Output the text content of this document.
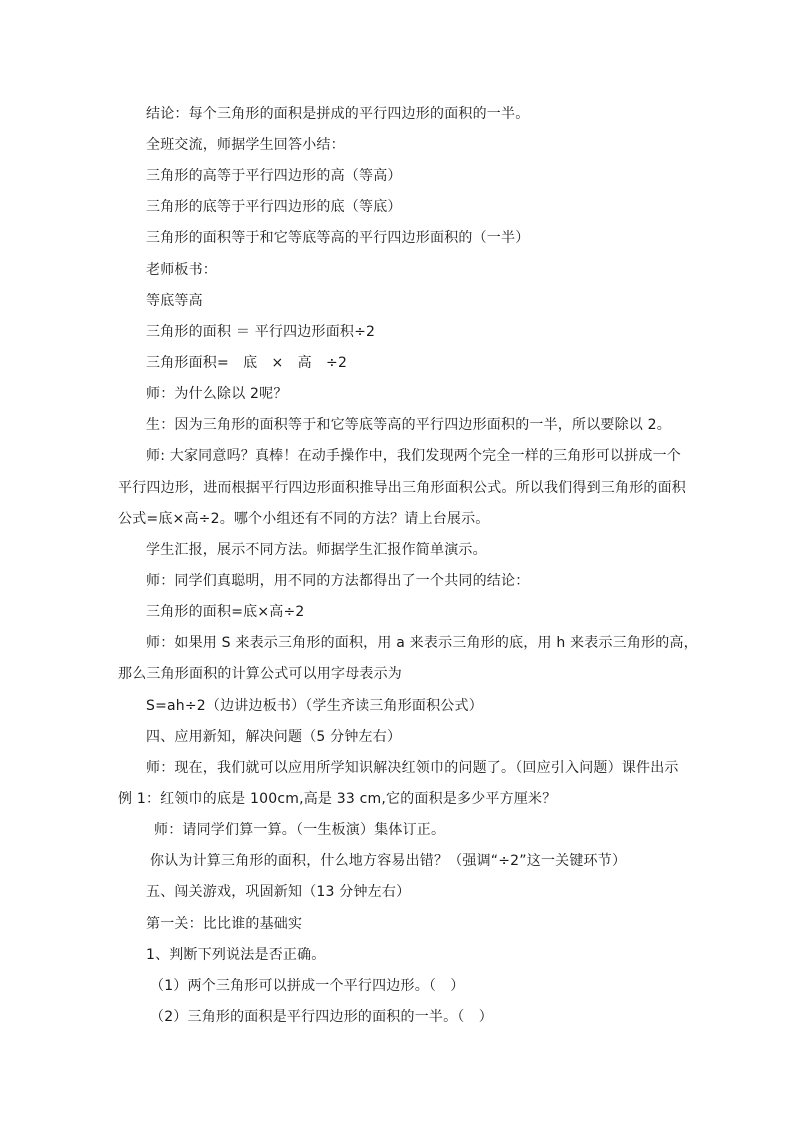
结论：每个三角形的面积是拼成的平行四边形的面积的一半。
全班交流，师据学生回答小结：
三角形的高等于平行四边形的高（等高）
三角形的底等于平行四边形的底（等底）
三角形的面积等于和它等底等高的平行四边形面积的（一半）
老师板书：
等底等高
三角形的面积 ＝ 平行四边形面积÷2
三角形面积=　底　×　高　÷2
师：为什么除以 2呢？
生：因为三角形的面积等于和它等底等高的平行四边形面积的一半，所以要除以 2。
师: 大家同意吗？真棒！在动手操作中，我们发现两个完全一样的三角形可以拼成一个
平行四边形，进而根据平行四边形面积推导出三角形面积公式。所以我们得到三角形的面积
公式=底×高÷2。哪个小组还有不同的方法？请上台展示。
学生汇报，展示不同方法。师据学生汇报作简单演示。
师：同学们真聪明，用不同的方法都得出了一个共同的结论：
三角形的面积=底×高÷2
师：如果用 S 来表示三角形的面积，用 a 来表示三角形的底，用 h 来表示三角形的高，
那么三角形面积的计算公式可以用字母表示为
S=ah÷2（边讲边板书）（学生齐读三角形面积公式）
四、应用新知，解决问题（5 分钟左右）
师：现在，我们就可以应用所学知识解决红领巾的问题了。（回应引入问题）课件出示
例 1：红领巾的底是 100cm,高是 33 cm,它的面积是多少平方厘米？
师：请同学们算一算。（一生板演）集体订正。
你认为计算三角形的面积，什么地方容易出错？（强调“÷2”这一关键环节）
五、闯关游戏，巩固新知（13 分钟左右）
第一关：比比谁的基础实
1、判断下列说法是否正确。
（1）两个三角形可以拼成一个平行四边形。（　）
（2）三角形的面积是平行四边形的面积的一半。（　）
